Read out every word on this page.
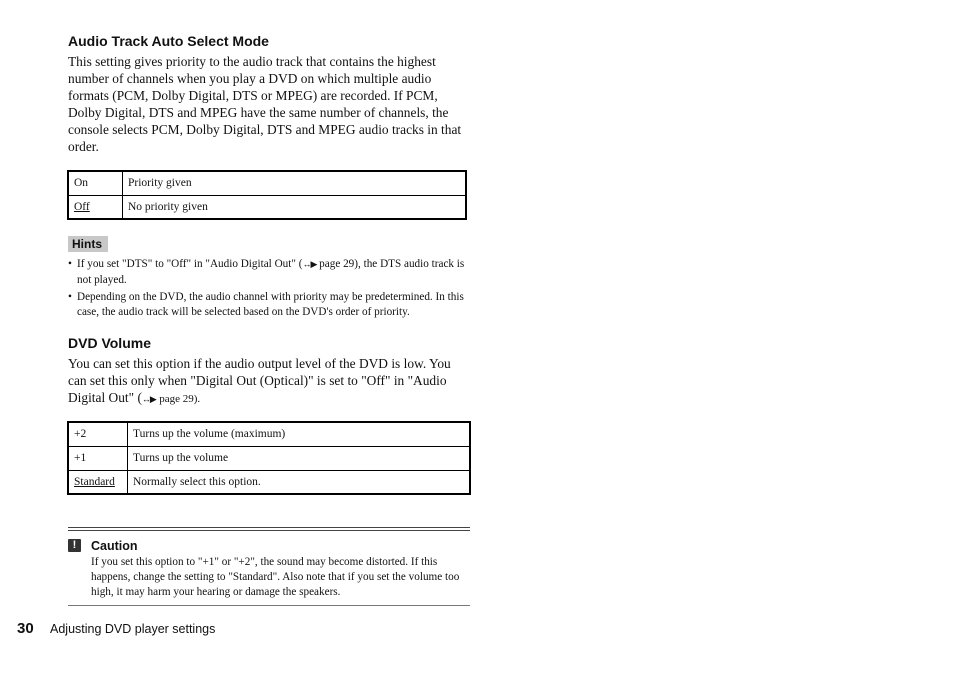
Audio Track Auto Select Mode

This setting gives priority to the audio track that contains the highest number of channels when you play a DVD on which multiple audio formats (PCM, Dolby Digital, DTS or MPEG) are recorded. If PCM, Dolby Digital, DTS and MPEG have the same number of channels, the console selects PCM, Dolby Digital, DTS and MPEG audio tracks in that order.

On	Priority given
Off	No priority given
Hints
• If you set "DTS" to "Off" in "Audio Digital Out" (↔▶ page 29), the DTS audio track is not played.
• Depending on the DVD, the audio channel with priority may be predetermined. In this case, the audio track will be selected based on the DVD's order of priority.
DVD Volume

You can set this option if the audio output level of the DVD is low. You can set this only when "Digital Out (Optical)" is set to "Off" in "Audio Digital Out" (↔▶ page 29).

+2	Turns up the volume (maximum)
+1	Turns up the volume
Standard	Normally select this option.
!	Caution

If you set this option to "+1" or "+2", the sound may become distorted. If this happens, change the setting to "Standard". Also note that if you set the volume too high, it may harm your hearing or damage the speakers.

30 Adjusting DVD player settings
